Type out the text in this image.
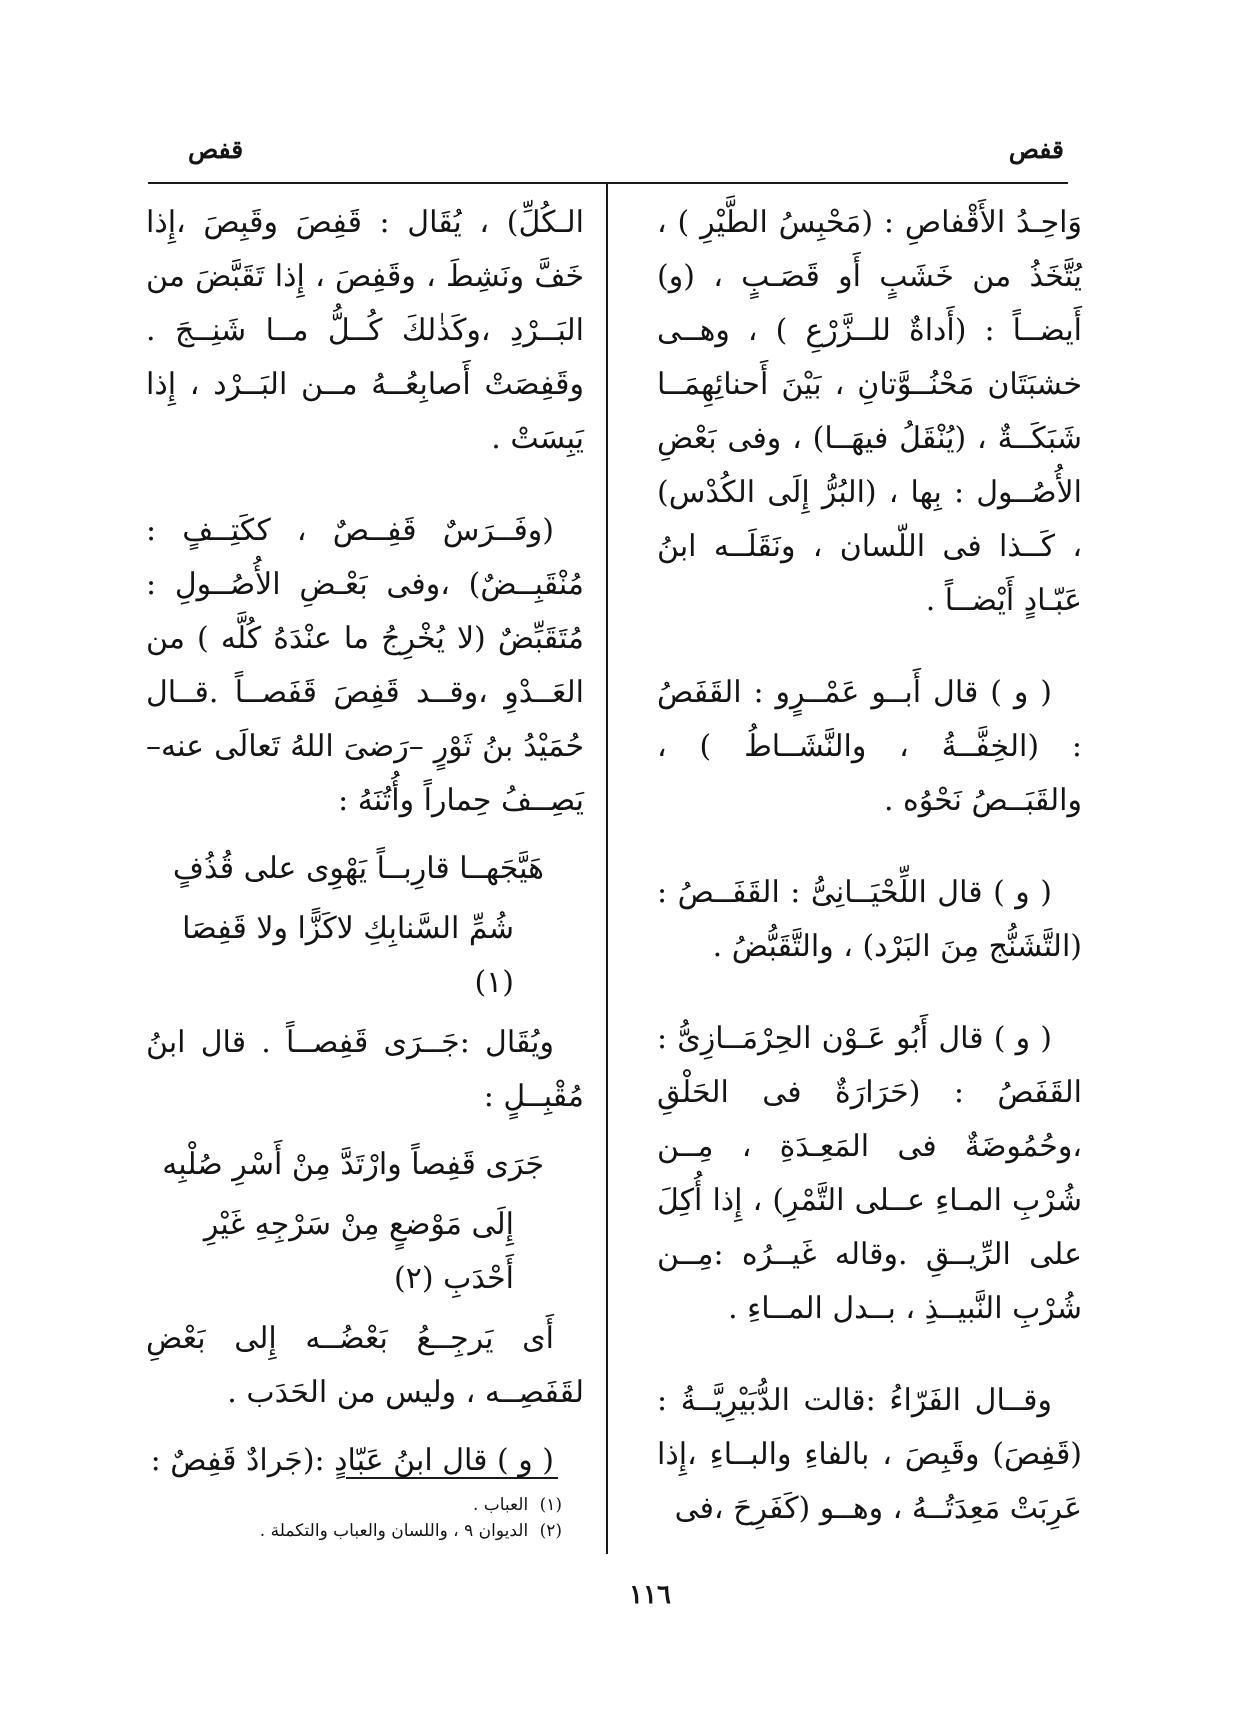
قفص
قفص

وَاحِـدُ الأَقْفاصِ : (مَحْبِسُ الطَّيْرِ ) ، يُتَّخَذُ من خَشَبٍ أَو قَصَـبٍ ، (و) أَيضــاً : (أَداةٌ للــزَّرْعِ ) ، وهــى خشبَتَان مَحْنُــوَّتانِ ، بَيْنَ أَحنائِهِمَــا شَبَكَــةٌ ، (يُنْقَلُ فيهَــا) ، وفى بَعْضِ الأُصُــول : بِها ، (البُرُّ إِلَى الكُدْس) ، كَــذا فى اللّسان ، ونَقَلَــه ابنُ عَبّـادٍ أَيْضــاً .

( و ) قال أَبــو عَمْــرٍو : القَفَصُ : (الخِفَّــةُ ، والنَّشَــاطُ ) ، والقَبَــصُ نَحْوُه .

( و ) قال اللِّحْيَــانِىُّ : القَفَــصُ : (التَّشَنُّج مِنَ البَرْد) ، والتَّقَبُّضُ .

( و ) قال أَبُو عَـوْن الحِرْمَــازِىُّ : القَفَصُ : (حَرَارَةٌ فى الحَلْقِ ،وحُمُوضَةٌ فى المَعِـدَةِ ، مِــن شُرْبِ المـاءِ عــلى التَّمْرِ) ، إِذا أُكِلَ على الرِّيــقِ .وقاله غَيــرُه :مِــن شُرْبِ النَّبيــذِ ، بــدل المــاءِ .

وقــال الفَرّاءُ :قالت الدُّبَيْرِيَّــةُ : (قَفِصَ) وقَبِصَ ، بالفاءِ والبــاءِ ،إِذا عَرِبَتْ مَعِدَتُــهُ ، وهــو (كَفَرِحَ ،فى

الـكُلِّ) ، يُقَال : قَفِصَ وقَبِصَ ،إِذا خَفَّ ونَشِطَ ، وقَفِصَ ، إِذا تَقَبَّضَ من البَــرْدِ ،وكَذٰلكَ كُــلُّ مــا شَنِــجَ . وقَفِصَتْ أَصابِعُــهُ مــن البَــرْد ، إِذا يَبِسَتْ .

(وفَــرَسٌ قَفِــصٌ ، ككَتِــفٍ : مُنْقَبِــضٌ) ،وفى بَعْـضِ الأُصُــولِ : مُتَقَبِّضٌ (لا يُخْرِجُ ما عنْدَهُ كُلَّه ) من العَــدْوِ ،وقــد قَفِصَ قَفَصــاً .قــال حُمَيْدُ بنُ ثَوْرٍ –رَضىَ اللهُ تَعالَى عنه– يَصِــفُ حِماراً وأُتُنَهُ :

هَيَّجَهــا قارِبــاً يَهْوِى على قُذُفٍ

شُمِّ السَّنابِكِ لاكَزًّا ولا قَفِصَا (١)

ويُقَال :جَــرَى قَفِصــاً . قال ابنُ مُقْبِــلٍ :

جَرَى قَفِصاً وارْتَدَّ مِنْ أَسْرِ صُلْبِه

إِلَى مَوْضعٍ مِنْ سَرْجِهِ غَيْرِ أَحْدَبِ (٢)

أَى يَرجِــعُ بَعْضُــه إِلى بَعْضِ لقَفَصِــه ، وليس من الحَدَب .

( و ) قال ابنُ عَبّادٍ :(جَرادٌ قَفِصٌ :

(١) العباب .
(٢) الديوان ٩ ، واللسان والعباب والتكملة .
١١٦
